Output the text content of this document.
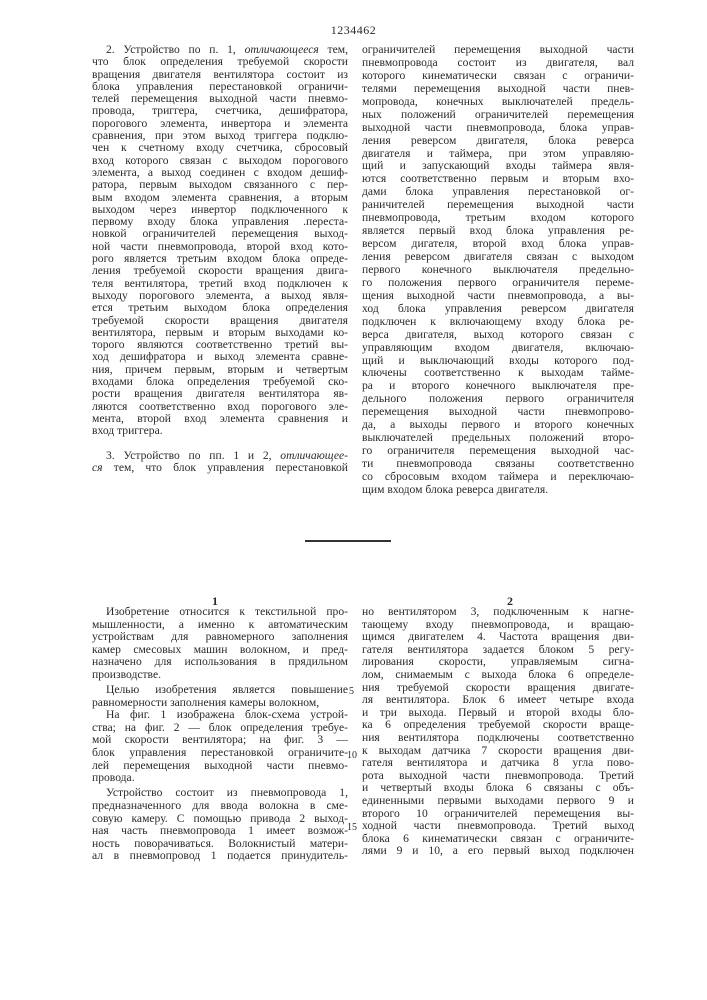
1234462
2. Устройство по п. 1, отличающееся тем,
что блок определения требуемой скорости
вращения двигателя вентилятора состоит из
блока управления перестановкой ограничи-
телей перемещения выходной части пневмо-
провода, триггера, счетчика, дешифратора,
порогового элемента, инвертора и элемента
сравнения, при этом выход триггера подклю-
чен к счетному входу счетчика, сбросовый
вход которого связан с выходом порогового
элемента, а выход соединен с входом дешиф-
ратора, первым выходом связанного с пер-
вым входом элемента сравнения, а вторым
выходом через инвертор подключенного к
первому входу блока управления .переста-
новкой ограничителей перемещения выход-
ной части пневмопровода, второй вход кото-
рого является третьим входом блока опреде-
ления требуемой скорости вращения двига-
теля вентилятора, третий вход подключен к
выходу порогового элемента, а выход явля-
ется третьим выходом блока определения
требуемой скорости вращения двигателя
вентилятора, первым и вторым выходами ко-
торого являются соответственно третий вы-
ход дешифратора и выход элемента сравне-
ния, причем первым, вторым и четвертым
входами блока определения требуемой ско-
рости вращения двигателя вентилятора яв-
ляются соответственно вход порогового эле-
мента, второй вход элемента сравнения и
вход триггера.
3. Устройство по пп. 1 и 2, отличающее-
ся тем, что блок управления перестановкой
ограничителей перемещения выходной части
пневмопровода состоит из двигателя, вал
которого кинематически связан с ограничи-
телями перемещения выходной части пнев-
мопровода, конечных выключателей предель-
ных положений ограничителей перемещения
выходной части пневмопровода, блока управ-
ления реверсом двигателя, блока реверса
двигателя и таймера, при этом управляю-
щий и запускающий входы таймера явля-
ются соответственно первым и вторым вхо-
дами блока управления перестановкой ог-
раничителей перемещения выходной части
пневмопровода, третьим входом которого
является первый вход блока управления ре-
версом дигателя, второй вход блока управ-
ления реверсом двигателя связан с выходом
первого конечного выключателя предельно-
го положения первого ограничителя переме-
щения выходной части пневмопровода, а вы-
ход блока управления реверсом двигателя
подключен к включающему входу блока ре-
верса двигателя, выход которого связан с
управляющим входом двигателя, включаю-
щий и выключающий входы которого под-
ключены соответственно к выходам тайме-
ра и второго конечного выключателя пре-
дельного положения первого ограничителя
перемещения выходной части пневмопрово-
да, а выходы первого и второго конечных
выключателей предельных положений второ-
го ограничителя перемещения выходной час-
ти пневмопровода связаны соответственно
со сбросовым входом таймера и переключаю-
щим входом блока реверса двигателя.
1	2
5
10
15
Изобретение относится к текстильной про-
мышленности, а именно к автоматическим
устройствам для равномерного заполнения
камер смесовых машин волокном, и пред-
назначено для использования в прядильном
производстве.
Целью изобретения является повышение
равномерности заполнения камеры волокном,
На фиг. 1 изображена блок-схема устрой-
ства; на фиг. 2 — блок определения требуе-
мой скорости вентилятора; на фиг. 3 —
блок управления перестановкой ограничите-
лей перемещения выходной части пневмо-
провода.
Устройство состоит из пневмопровода 1,
предназначенного для ввода волокна в сме-
совую камеру. С помощью привода 2 выход-
ная часть пневмопровода 1 имеет возмож-
ность поворачиваться. Волокнистый матери-
ал в пневмопровод 1 подается принудитель-
но вентилятором 3, подключенным к нагне-
тающему входу пневмопровода, и вращаю-
щимся двигателем 4. Частота вращения дви-
гателя вентилятора задается блоком 5 регу-
лирования скорости, управляемым сигна-
лом, снимаемым с выхода блока 6 определе-
ния требуемой скорости вращения двигате-
ля вентилятора. Блок 6 имеет четыре входа
и три выхода. Первый и второй входы бло-
ка 6 определения требуемой скорости враще-
ния вентилятора подключены соответственно
к выходам датчика 7 скорости вращения дви-
гателя вентилятора и датчика 8 угла пово-
рота выходной части пневмопровода. Третий
и четвертый входы блока 6 связаны с объ-
единенными первыми выходами первого 9 и
второго 10 ограничителей перемещения вы-
ходной части пневмопровода. Третий выход
блока 6 кинематически связан с ограничите-
лями 9 и 10, а его первый выход подключен
